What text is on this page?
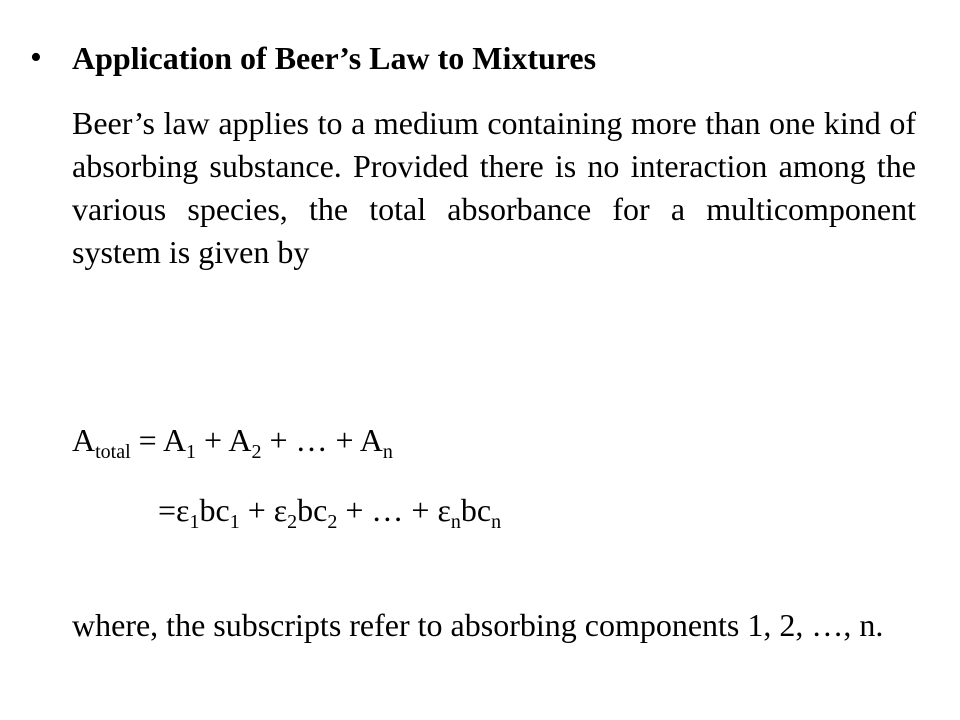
• Application of Beer’s Law to Mixtures
Beer’s law applies to a medium containing more than one kind of absorbing substance. Provided there is no interaction among the various species, the total absorbance for a multicomponent system is given by
$A_{total} = A_1 + A_2$ + … + $A_n$
$=\varepsilon_1bc_1 + \varepsilon_2bc_2$ + … + $\varepsilon_nbc_n$
where, the subscripts refer to absorbing components 1, 2, …, n.
